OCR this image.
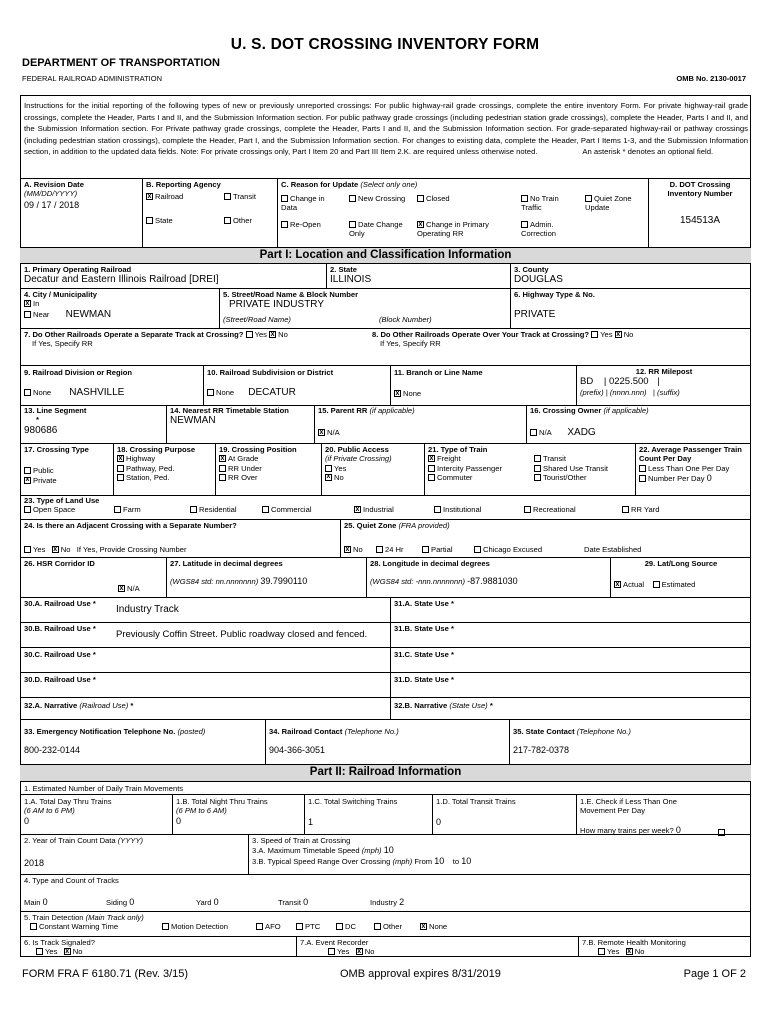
U. S. DOT CROSSING INVENTORY FORM
DEPARTMENT OF TRANSPORTATION
FEDERAL RAILROAD ADMINISTRATION	OMB No. 2130-0017
Instructions for the initial reporting of the following types of new or previously unreported crossings: For public highway-rail grade crossings, complete the entire inventory Form. For private highway-rail grade crossings, complete the Header, Parts I and II, and the Submission Information section. For public pathway grade crossings (including pedestrian station grade crossings), complete the Header, Parts I and II, and the Submission Information section. For Private pathway grade crossings, complete the Header, Parts I and II, and the Submission Information section. For grade-separated highway-rail or pathway crossings (including pedestrian station crossings), complete the Header, Part I, and the Submission Information section. For changes to existing data, complete the Header, Part I Items 1-3, and the Submission Information section, in addition to the updated data fields. Note: For private crossings only, Part I Item 20 and Part III Item 2.K. are required unless otherwise noted.	An asterisk * denotes an optional field.
A. Revision Date
(MM/DD/YYYY)
09 / 17 / 2018
B. Reporting Agency
xRailroad	Transit
State	Other
C. Reason for Update (Select only one)
Change in Data
New Crossing	Closed	No Train Traffic
Quiet Zone Update
Re-Open	Date Change Only
xChange in Primary Operating RR
Admin. Correction
D. DOT Crossing Inventory Number
154513A
Part I: Location and Classification Information
1. Primary Operating Railroad
Decatur and Eastern Illinois Railroad [DREI]
2. State
ILLINOIS
3. County
DOUGLAS
4. City / Municipality
xIn
Near NEWMAN
5. Street/Road Name & Block Number
PRIVATE INDUSTRY
(Street/Road Name)	(Block Number)
6. Highway Type & No.
PRIVATE
7. Do Other Railroads Operate a Separate Track at Crossing? Yes x No
If Yes, Specify RR
8. Do Other Railroads Operate Over Your Track at Crossing? Yes x No
If Yes, Specify RR
9. Railroad Division or Region
None NASHVILLE
10. Railroad Subdivision or District
None DECATUR
11. Branch or Line Name
xNone
12. RR Milepost
BD | 0225.500 |
(prefix) | (nnnn.nnn)   | (suffix)
13. Line Segment
*
980686
14. Nearest RR Timetable Station
NEWMAN
15. Parent RR (if applicable)
xN/A
16. Crossing Owner (if applicable)
N/A XADG
17. Crossing Type
Public
xPrivate
18. Crossing Purpose
xHighway
Pathway, Ped.
Station, Ped.
19. Crossing Position
xAt Grade
RR Under
RR Over
20. Public Access
(if Private Crossing)
Yes
xNo
21. Type of Train
xFreight	Transit
Intercity Passenger	Shared Use Transit
Commuter	Tourist/Other
22. Average Passenger Train Count Per Day
Less Than One Per Day
Number Per Day 0
23. Type of Land Use
Open Space	Farm	Residential	Commercial x	Industrial	Institutional	Recreational	RR Yard
24. Is there an Adjacent Crossing with a Separate Number?
Yes x No If Yes, Provide Crossing Number
25. Quiet Zone (FRA provided)
xNo	24 Hr	Partial	Chicago Excused	Date Established
26. HSR Corridor ID
xN/A
27. Latitude in decimal degrees
(WGS84 std: nn.nnnnnnn) 39.7990110
28. Longitude in decimal degrees
(WGS84 std: -nnn.nnnnnnn) -87.9881030
29. Lat/Long Source
xActual Estimated
30.A. Railroad Use *
Industry Track
31.A. State Use *
30.B. Railroad Use *
Previously Coffin Street. Public roadway closed and fenced.
31.B. State Use *
30.C. Railroad Use *	31.C. State Use *
30.D. Railroad Use *	31.D. State Use *
32.A. Narrative (Railroad Use) *	32.B. Narrative (State Use) *
33. Emergency Notification Telephone No. (posted)
800-232-0144
34. Railroad Contact (Telephone No.)
904-366-3051
35. State Contact (Telephone No.)
217-782-0378
Part II: Railroad Information
1. Estimated Number of Daily Train Movements
1.A. Total Day Thru Trains
(6 AM to 6 PM)
0
1.B. Total Night Thru Trains
(6 PM to 6 AM)
0
1.C. Total Switching Trains
1
1.D. Total Transit Trains
0
1.E. Check if Less Than One Movement Per Day
How many trains per week? 0
2. Year of Train Count Data (YYYY)
2018
3. Speed of Train at Crossing
3.A. Maximum Timetable Speed (mph) 10
3.B. Typical Speed Range Over Crossing (mph) From 10 to 10
4. Type and Count of Tracks
Main 0	Siding 0	Yard 0	Transit 0	Industry 2
5. Train Detection (Main Track only)
Constant Warning Time	Motion Detection	AFO	PTC	DC	Other x	None
6. Is Track Signaled?
Yes x No
7.A. Event Recorder
Yes x No
7.B. Remote Health Monitoring
Yes x No
FORM FRA F 6180.71 (Rev. 3/15)	OMB approval expires 8/31/2019	Page 1 OF 2
